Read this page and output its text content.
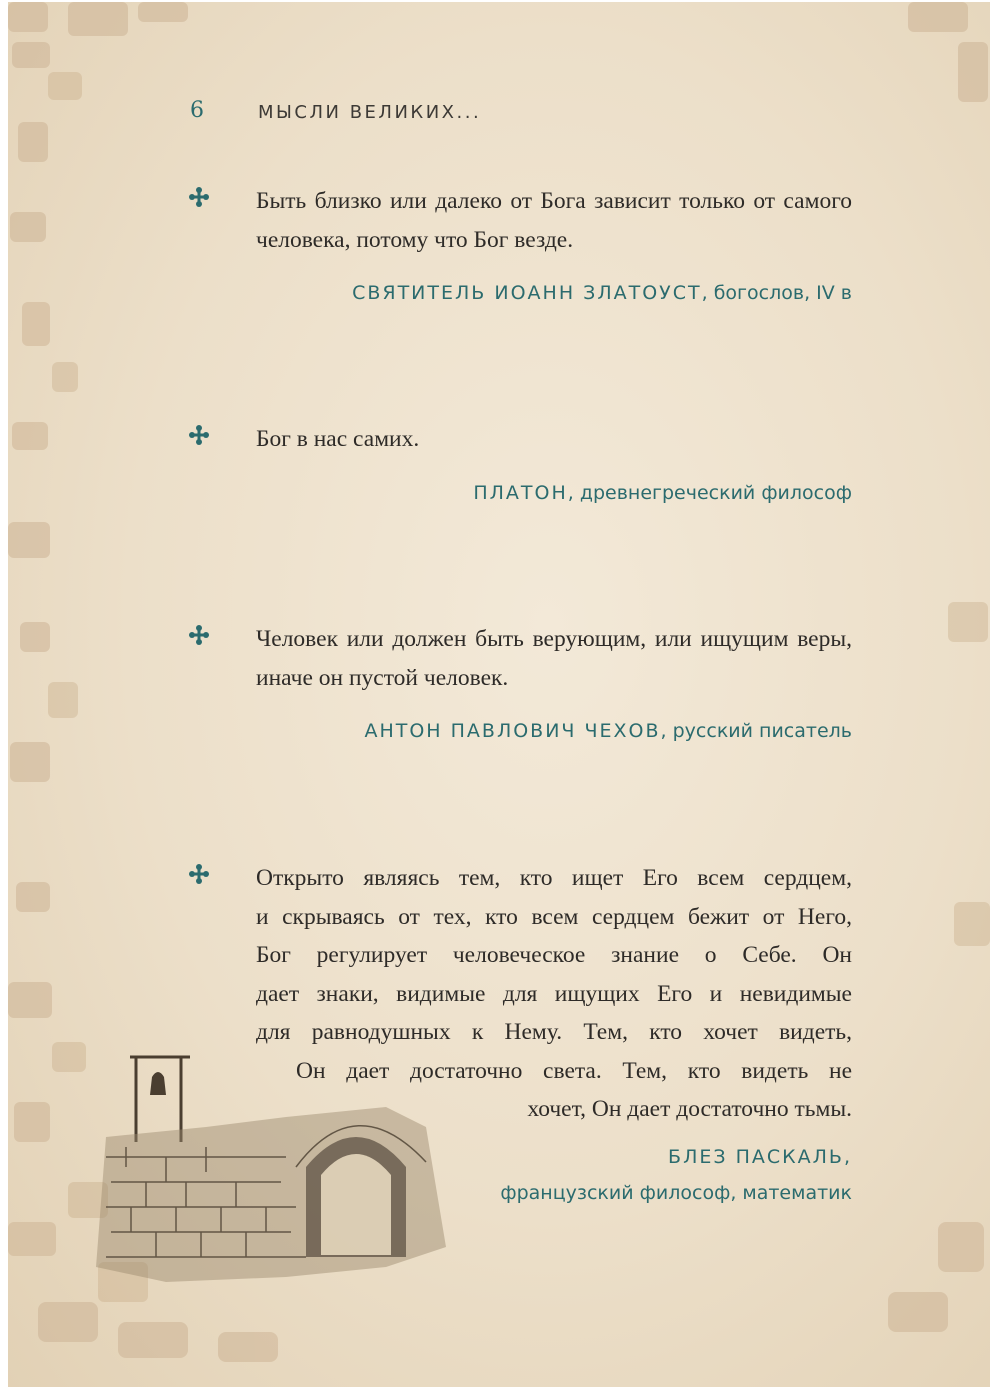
6	МЫСЛИ ВЕЛИКИХ...

Быть близко или далеко от Бога зависит только от самого человека, потому что Бог везде.

СВЯТИТЕЛЬ ИОАНН ЗЛАТОУСТ, богослов, IV в

Бог в нас самих.

ПЛАТОН, древнегреческий философ

Человек или должен быть верующим, или ищущим веры, иначе он пустой человек.

АНТОН ПАВЛОВИЧ ЧЕХОВ, русский писатель
Открыто являясь тем, кто ищет Его всем сердцем,
и скрываясь от тех, кто всем сердцем бежит от Него,
Бог регулирует человеческое знание о Себе. Он
дает знаки, видимые для ищущих Его и невидимые
для равнодушных к Нему. Тем, кто хочет видеть,
Он дает достаточно света. Тем, кто видеть не
хочет, Он дает достаточно тьмы.
БЛЕЗ ПАСКАЛЬ,
французский философ, математик
